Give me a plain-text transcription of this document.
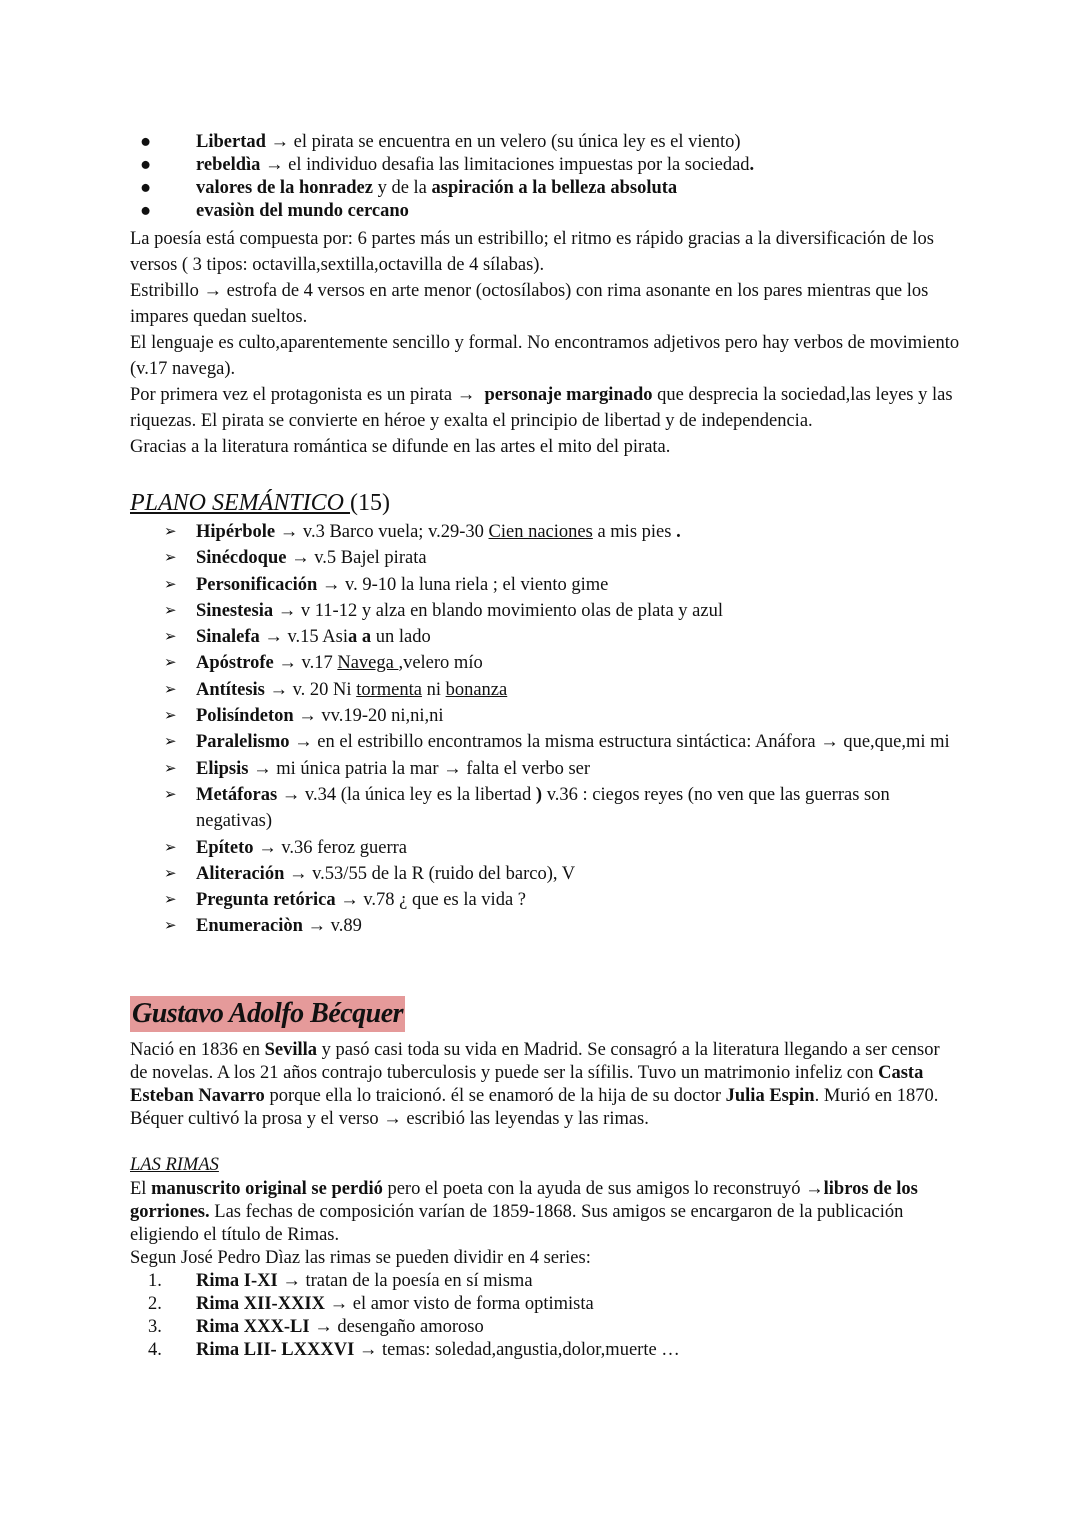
● Libertad → el pirata se encuentra en un velero (su única ley es el viento)
● rebeldìa → el individuo desafia las limitaciones impuestas por la sociedad.
● valores de la honradez y de la aspiración a la belleza absoluta
● evasiòn del mundo cercano
La poesía está compuesta por: 6 partes más un estribillo; el ritmo es rápido gracias a la diversificación de los versos ( 3 tipos: octavilla,sextilla,octavilla de 4 sílabas).
Estribillo → estrofa de 4 versos en arte menor (octosílabos) con rima asonante en los pares mientras que los impares quedan sueltos.
El lenguaje es culto,aparentemente sencillo y formal. No encontramos adjetivos pero hay verbos de movimiento (v.17 navega).
Por primera vez el protagonista es un pirata →  personaje marginado que desprecia la sociedad,las leyes y las riquezas. El pirata se convierte en héroe y exalta el principio de libertad y de independencia.
Gracias a la literatura romántica se difunde en las artes el mito del pirata.
PLANO SEMÁNTICO (15)
➢ Hipérbole → v.3 Barco vuela; v.29-30 Cien naciones a mis pies .
➢ Sinécdoque → v.5 Bajel pirata
➢ Personificación → v. 9-10 la luna riela ; el viento gime
➢ Sinestesia → v 11-12 y alza en blando movimiento olas de plata y azul
➢ Sinalefa → v.15 Asia a un lado
➢ Apóstrofe → v.17 Navega ,velero mío
➢ Antítesis → v. 20 Ni tormenta ni bonanza
➢ Polisíndeton → vv.19-20 ni,ni,ni
➢ Paralelismo → en el estribillo encontramos la misma estructura sintáctica: Anáfora → que,que,mi mi
➢ Elipsis → mi única patria la mar → falta el verbo ser
➢ Metáforas → v.34 (la única ley es la libertad ) v.36 : ciegos reyes (no ven que las guerras son negativas)
➢ Epíteto → v.36 feroz guerra
➢ Aliteración → v.53/55 de la R (ruido del barco), V
➢ Pregunta retórica → v.78 ¿ que es la vida ?
➢ Enumeraciòn → v.89
Gustavo Adolfo Bécquer
Nació en 1836 en Sevilla y pasó casi toda su vida en Madrid. Se consagró a la literatura llegando a ser censor de novelas. A los 21 años contrajo tuberculosis y puede ser la sífilis. Tuvo un matrimonio infeliz con Casta Esteban Navarro porque ella lo traicionó. él se enamoró de la hija de su doctor Julia Espin. Murió en 1870.
Béquer cultivó la prosa y el verso → escribió las leyendas y las rimas.
LAS RIMAS
El manuscrito original se perdió pero el poeta con la ayuda de sus amigos lo reconstruyó →libros de los gorriones. Las fechas de composición varían de 1859-1868. Sus amigos se encargaron de la publicación eligiendo el título de Rimas.
Segun José Pedro Dìaz las rimas se pueden dividir en 4 series:
1. Rima I-XI → tratan de la poesía en sí misma
2. Rima XII-XXIX → el amor visto de forma optimista
3. Rima XXX-LI → desengaño amoroso
4. Rima LII- LXXXVI → temas: soledad,angustia,dolor,muerte …
